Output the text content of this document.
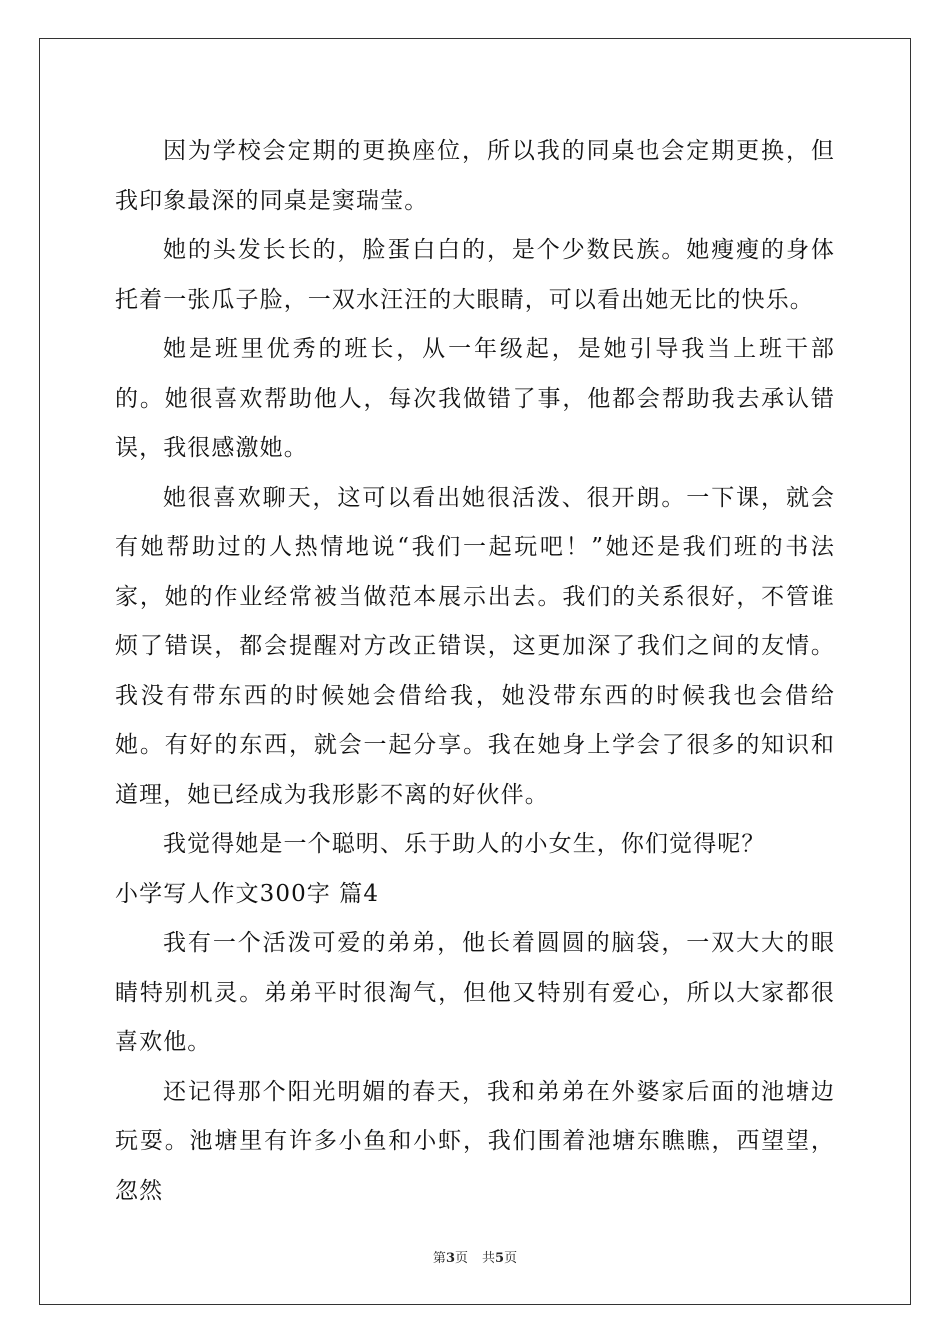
因为学校会定期的更换座位，所以我的同桌也会定期更换，但我印象最深的同桌是窦瑞莹。

她的头发长长的，脸蛋白白的，是个少数民族。她瘦瘦的身体托着一张瓜子脸，一双水汪汪的大眼睛，可以看出她无比的快乐。

她是班里优秀的班长，从一年级起，是她引导我当上班干部的。她很喜欢帮助他人，每次我做错了事，他都会帮助我去承认错误，我很感激她。

她很喜欢聊天，这可以看出她很活泼、很开朗。一下课，就会有她帮助过的人热情地说“我们一起玩吧！”她还是我们班的书法家，她的作业经常被当做范本展示出去。我们的关系很好，不管谁烦了错误，都会提醒对方改正错误，这更加深了我们之间的友情。我没有带东西的时候她会借给我，她没带东西的时候我也会借给她。有好的东西，就会一起分享。我在她身上学会了很多的知识和道理，她已经成为我形影不离的好伙伴。

我觉得她是一个聪明、乐于助人的小女生，你们觉得呢？

小学写人作文300字 篇4

我有一个活泼可爱的弟弟，他长着圆圆的脑袋，一双大大的眼睛特别机灵。弟弟平时很淘气，但他又特别有爱心，所以大家都很喜欢他。

还记得那个阳光明媚的春天，我和弟弟在外婆家后面的池塘边玩耍。池塘里有许多小鱼和小虾，我们围着池塘东瞧瞧，西望望，忽然

第3页 共5页
